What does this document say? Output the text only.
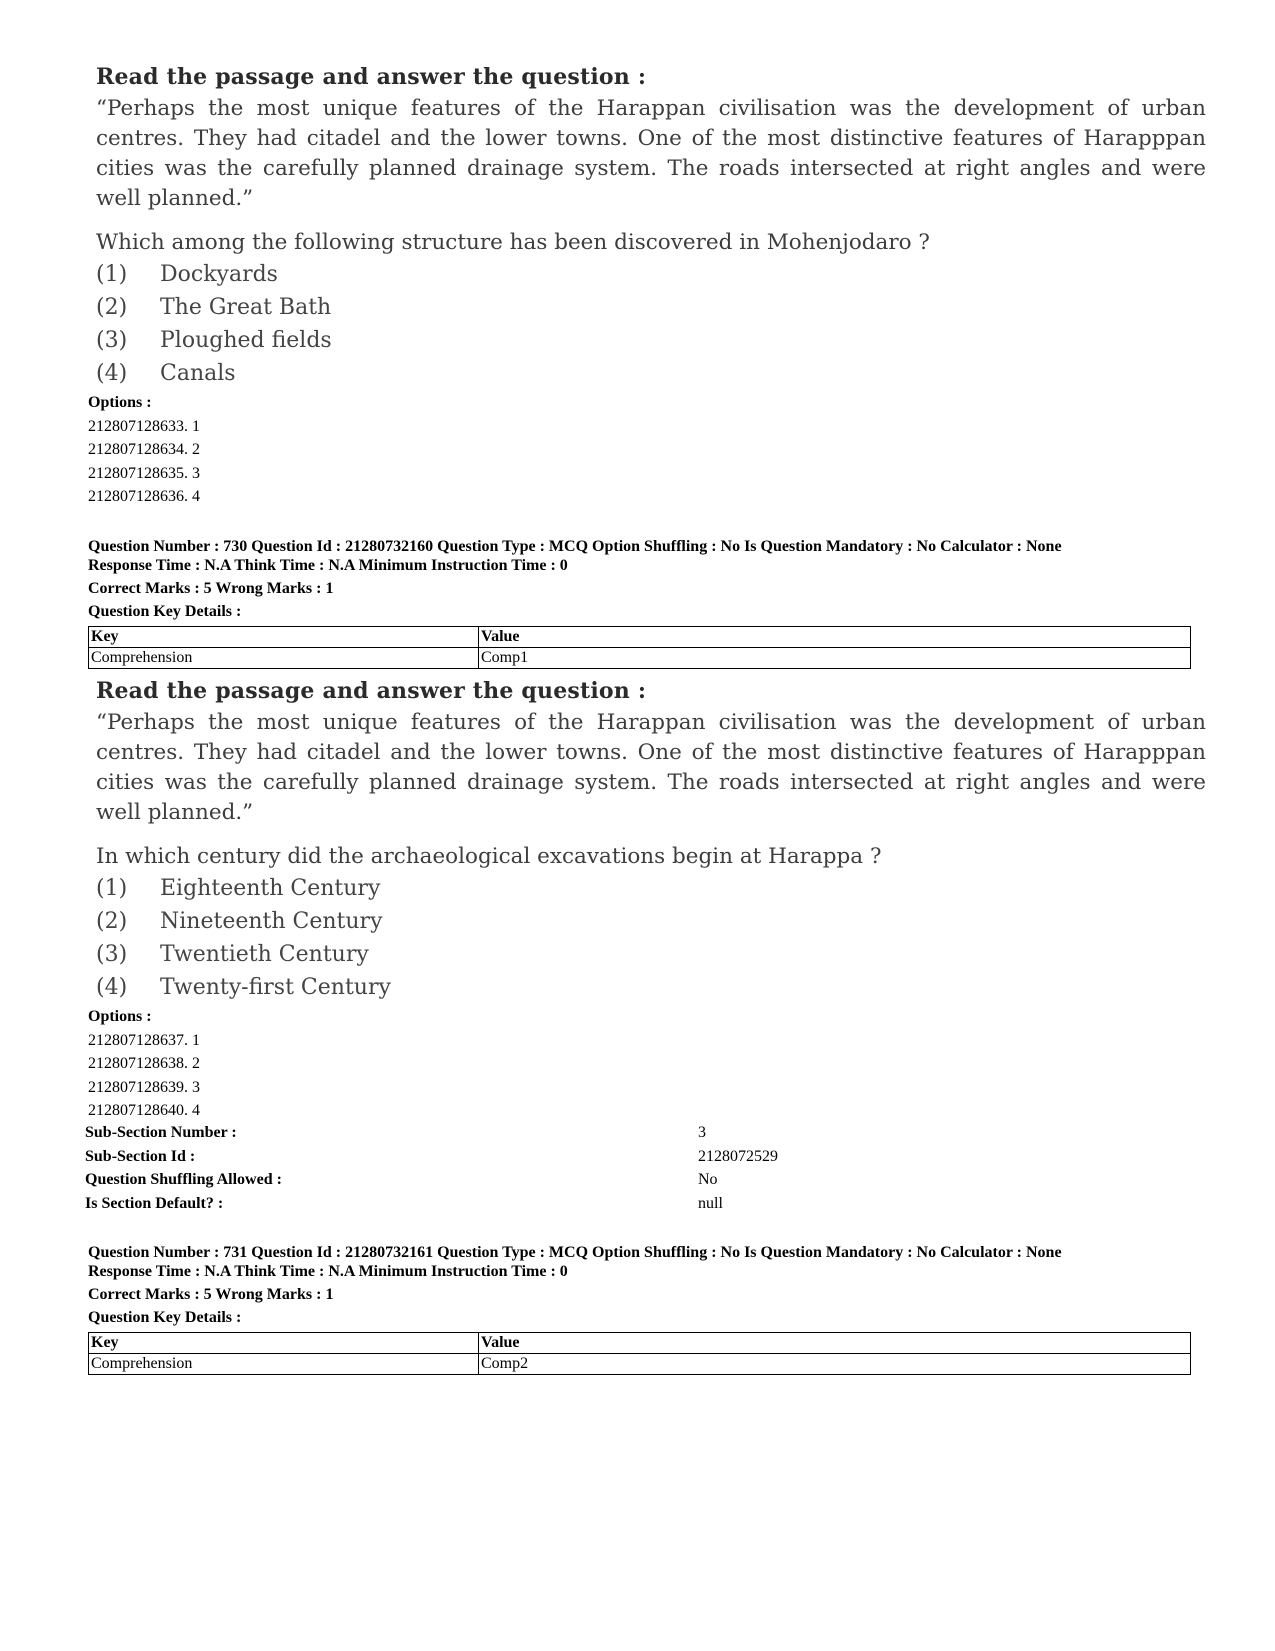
Read the passage and answer the question :
“Perhaps the most unique features of the Harappan civilisation was the development of urban centres. They had citadel and the lower towns. One of the most distinctive features of Harapppan cities was the carefully planned drainage system. The roads intersected at right angles and were well planned.”
Which among the following structure has been discovered in Mohenjodaro ?
(1)	Dockyards
(2)	The Great Bath
(3)	Ploughed fields
(4)	Canals
Options :
212807128633. 1
212807128634. 2
212807128635. 3
212807128636. 4
Question Number : 730 Question Id : 21280732160 Question Type : MCQ Option Shuffling : No Is Question Mandatory : No Calculator : None
Response Time : N.A Think Time : N.A Minimum Instruction Time : 0
Correct Marks : 5 Wrong Marks : 1
Question Key Details :
Key	Value
Comprehension	Comp1
Read the passage and answer the question :
“Perhaps the most unique features of the Harappan civilisation was the development of urban centres. They had citadel and the lower towns. One of the most distinctive features of Harapppan cities was the carefully planned drainage system. The roads intersected at right angles and were well planned.”
In which century did the archaeological excavations begin at Harappa ?
(1)	Eighteenth Century
(2)	Nineteenth Century
(3)	Twentieth Century
(4)	Twenty-first Century
Options :
212807128637. 1
212807128638. 2
212807128639. 3
212807128640. 4
Sub-Section Number :	3
Sub-Section Id :	2128072529
Question Shuffling Allowed :	No
Is Section Default? :	null
Question Number : 731 Question Id : 21280732161 Question Type : MCQ Option Shuffling : No Is Question Mandatory : No Calculator : None
Response Time : N.A Think Time : N.A Minimum Instruction Time : 0
Correct Marks : 5 Wrong Marks : 1
Question Key Details :
Key	Value
Comprehension	Comp2
